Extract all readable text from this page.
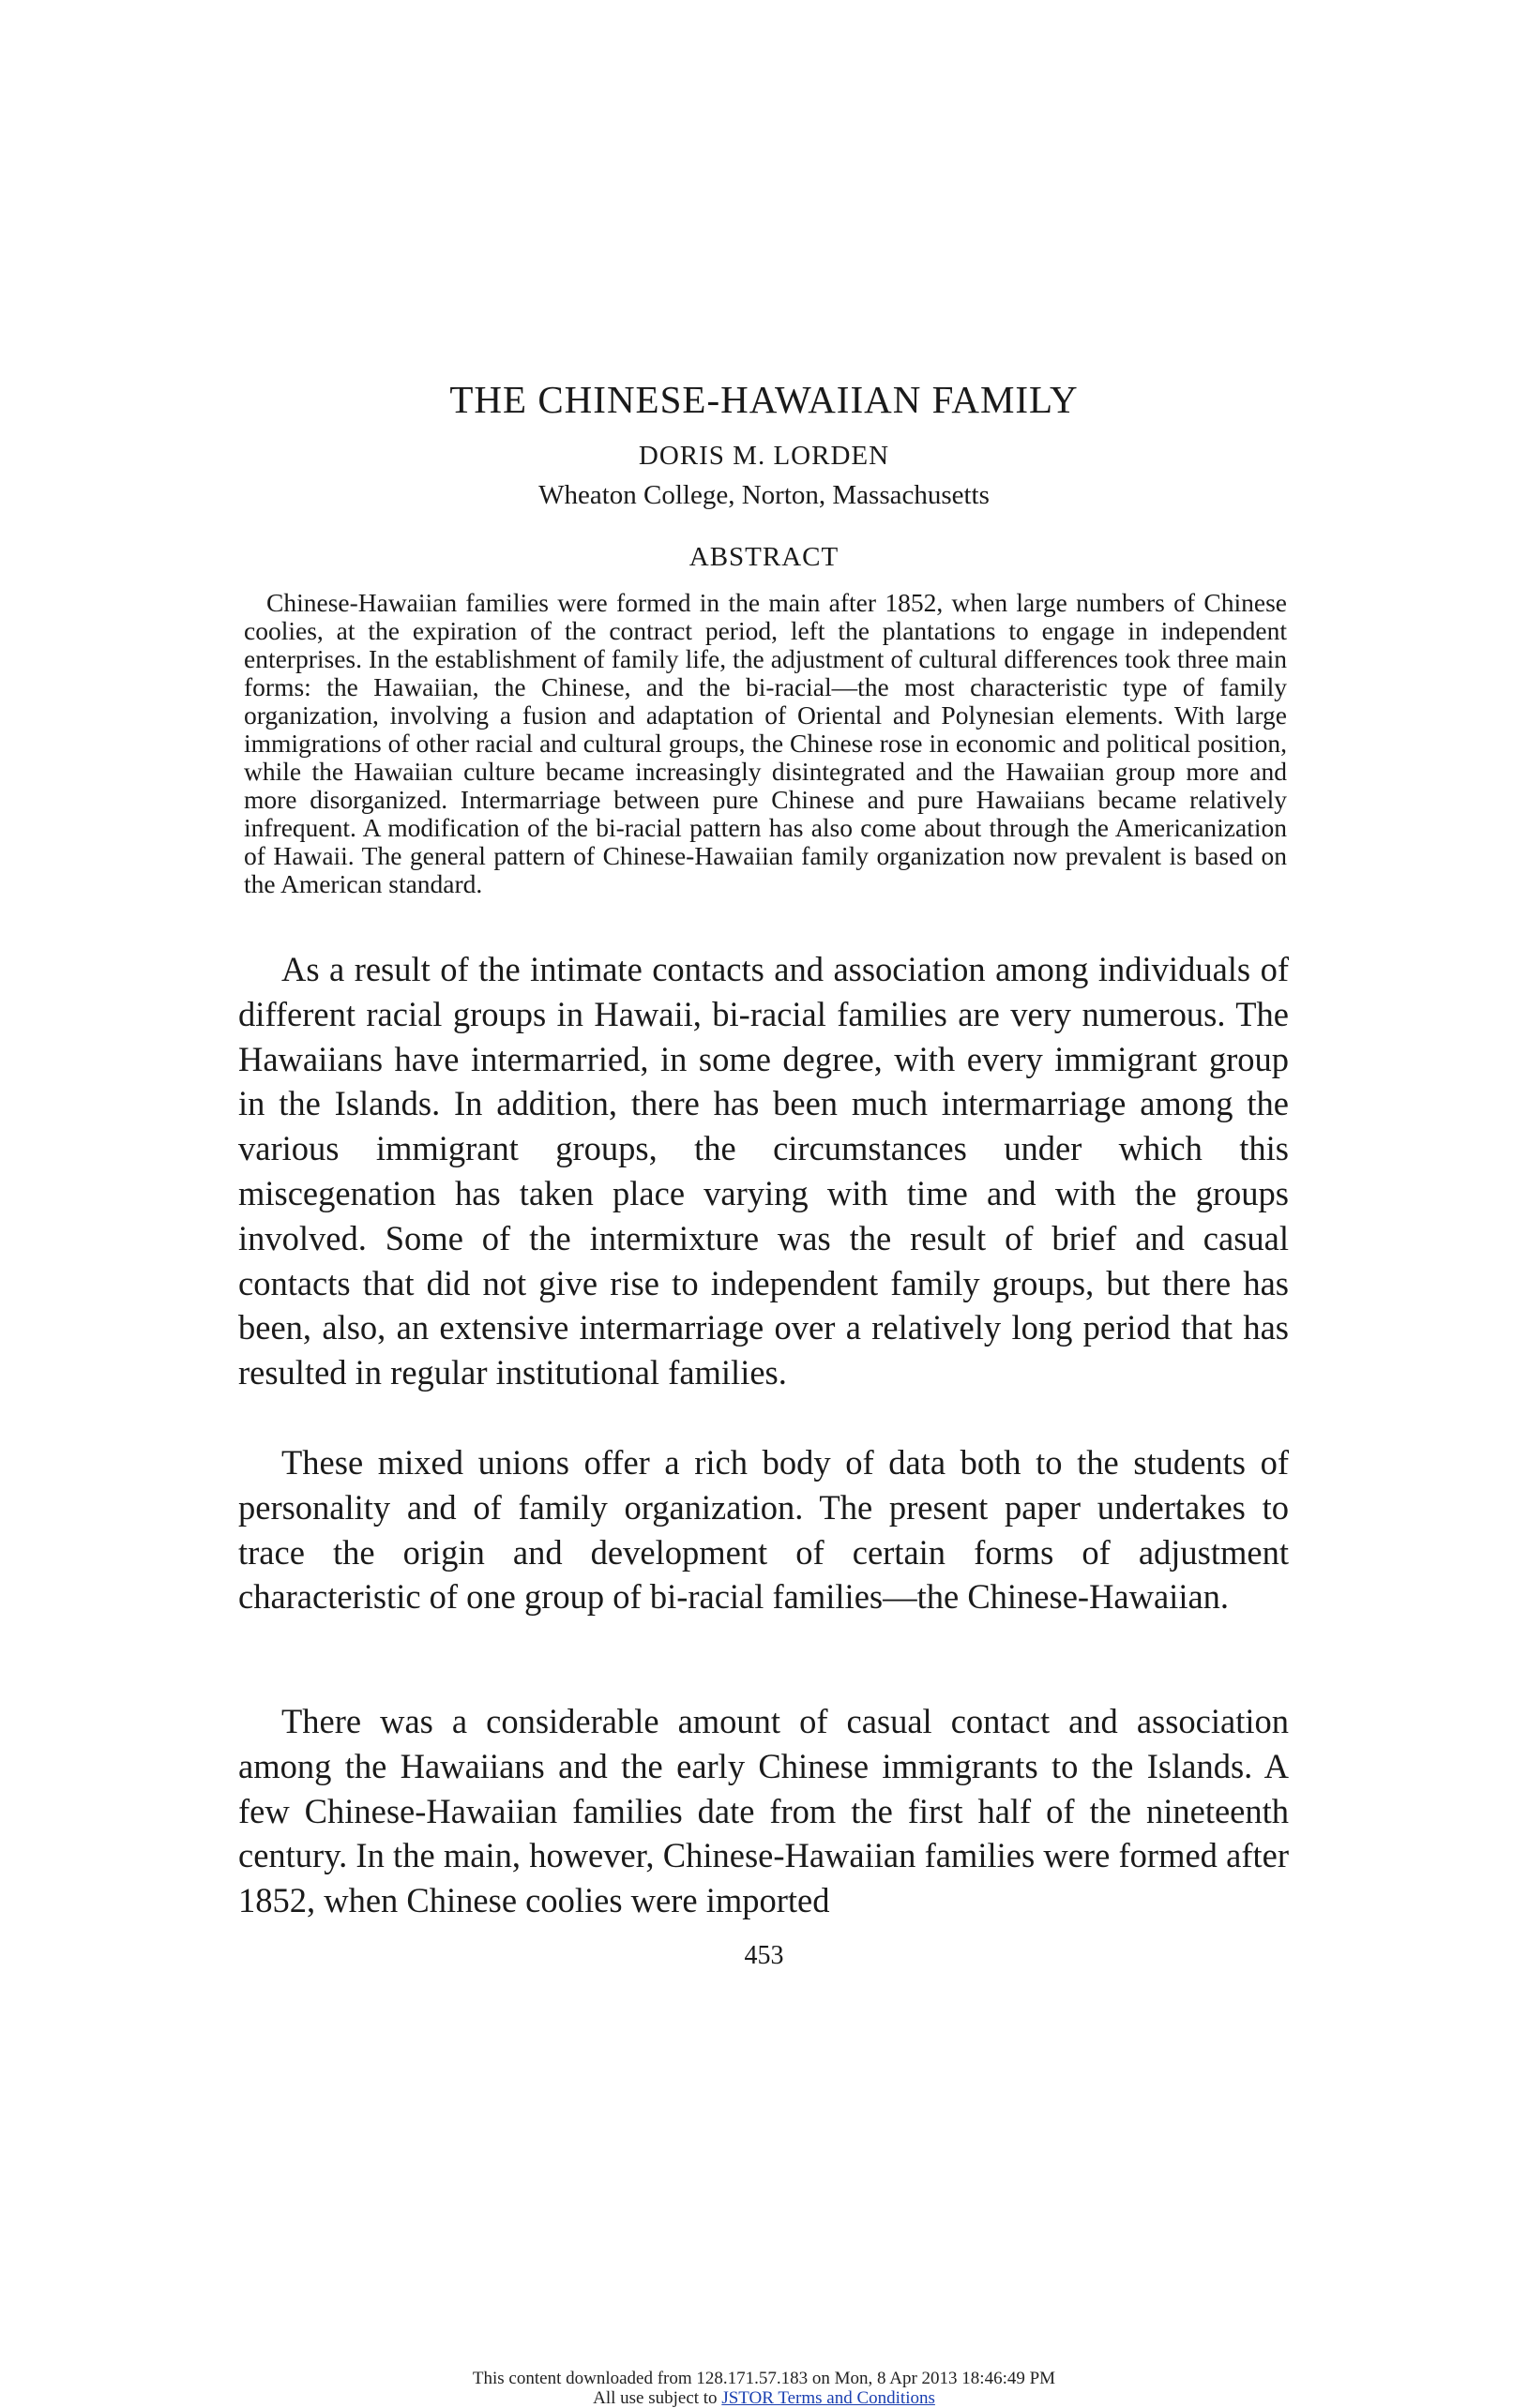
THE CHINESE-HAWAIIAN FAMILY
DORIS M. LORDEN
Wheaton College, Norton, Massachusetts
ABSTRACT
Chinese-Hawaiian families were formed in the main after 1852, when large numbers of Chinese coolies, at the expiration of the contract period, left the plantations to engage in independent enterprises. In the establishment of family life, the adjustment of cultural differences took three main forms: the Hawaiian, the Chinese, and the bi-racial—the most characteristic type of family organization, involving a fusion and adaptation of Oriental and Polynesian elements. With large immigrations of other racial and cultural groups, the Chinese rose in economic and political position, while the Hawaiian culture became increasingly disintegrated and the Hawaiian group more and more disorganized. Intermarriage between pure Chinese and pure Hawaiians became relatively infrequent. A modification of the bi-racial pattern has also come about through the Americanization of Hawaii. The general pattern of Chinese-Hawaiian family organization now prevalent is based on the American standard.

As a result of the intimate contacts and association among individuals of different racial groups in Hawaii, bi-racial families are very numerous. The Hawaiians have intermarried, in some degree, with every immigrant group in the Islands. In addition, there has been much intermarriage among the various immigrant groups, the circumstances under which this miscegenation has taken place varying with time and with the groups involved. Some of the intermixture was the result of brief and casual contacts that did not give rise to independent family groups, but there has been, also, an extensive intermarriage over a relatively long period that has resulted in regular institutional families.

These mixed unions offer a rich body of data both to the students of personality and of family organization. The present paper undertakes to trace the origin and development of certain forms of adjustment characteristic of one group of bi-racial families—the Chinese-Hawaiian.

There was a considerable amount of casual contact and association among the Hawaiians and the early Chinese immigrants to the Islands. A few Chinese-Hawaiian families date from the first half of the nineteenth century. In the main, however, Chinese-Hawaiian families were formed after 1852, when Chinese coolies were imported

453
This content downloaded from 128.171.57.183 on Mon, 8 Apr 2013 18:46:49 PM
All use subject to JSTOR Terms and Conditions
